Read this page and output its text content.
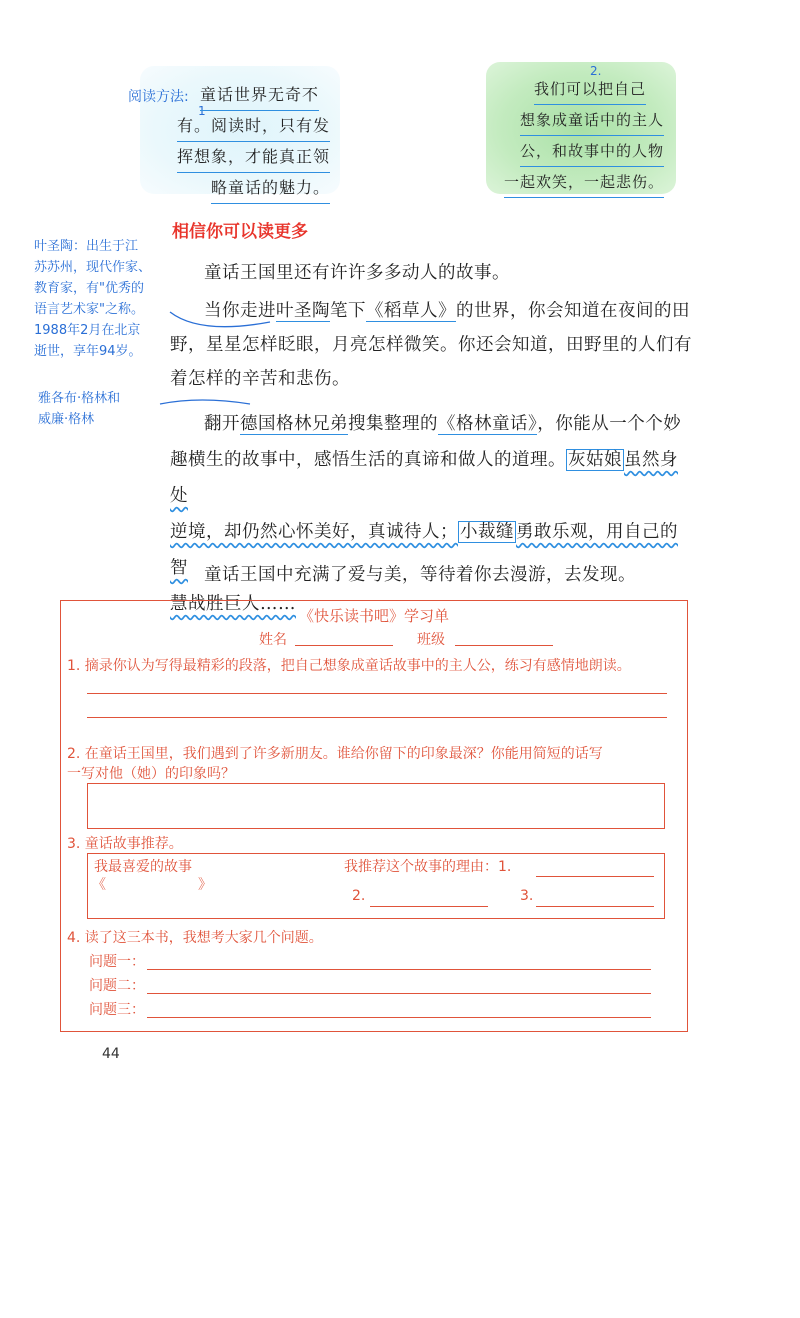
阅读方法:
1
童话世界无奇不
有。阅读时，只有发
挥想象，才能真正领
略童话的魅力。
2.
我们可以把自己
想象成童话中的主人
公，和故事中的人物
一起欢笑，一起悲伤。
相信你可以读更多
叶圣陶：出生于江
苏苏州，现代作家、
教育家，有"优秀的
语言艺术家"之称。
1988年2月在北京
逝世，享年94岁。
雅各布·格林和
威廉·格林
童话王国里还有许许多多动人的故事。
当你走进叶圣陶笔下《稻草人》的世界，你会知道在夜间的田
野，星星怎样眨眼，月亮怎样微笑。你还会知道，田野里的人们有
着怎样的辛苦和悲伤。
翻开德国格林兄弟搜集整理的《格林童话》，你能从一个个妙
趣横生的故事中，感悟生活的真谛和做人的道理。 灰姑娘 虽然身处
逆境，却仍然心怀美好，真诚待人； 小裁缝 勇敢乐观，用自己的智
慧战胜巨人……
童话王国中充满了爱与美，等待着你去漫游，去发现。
《快乐读书吧》学习单
姓名	班级
1. 摘录你认为写得最精彩的段落，把自己想象成童话故事中的主人公，练习有感情地朗读。
2. 在童话王国里，我们遇到了许多新朋友。谁给你留下的印象最深？你能用简短的话写
一写对他（她）的印象吗？
3. 童话故事推荐。
我最喜爱的故事
《	》
我推荐这个故事的理由：1.
2.	3.
4. 读了这三本书，我想考大家几个问题。
问题一：
问题二：
问题三：
44
